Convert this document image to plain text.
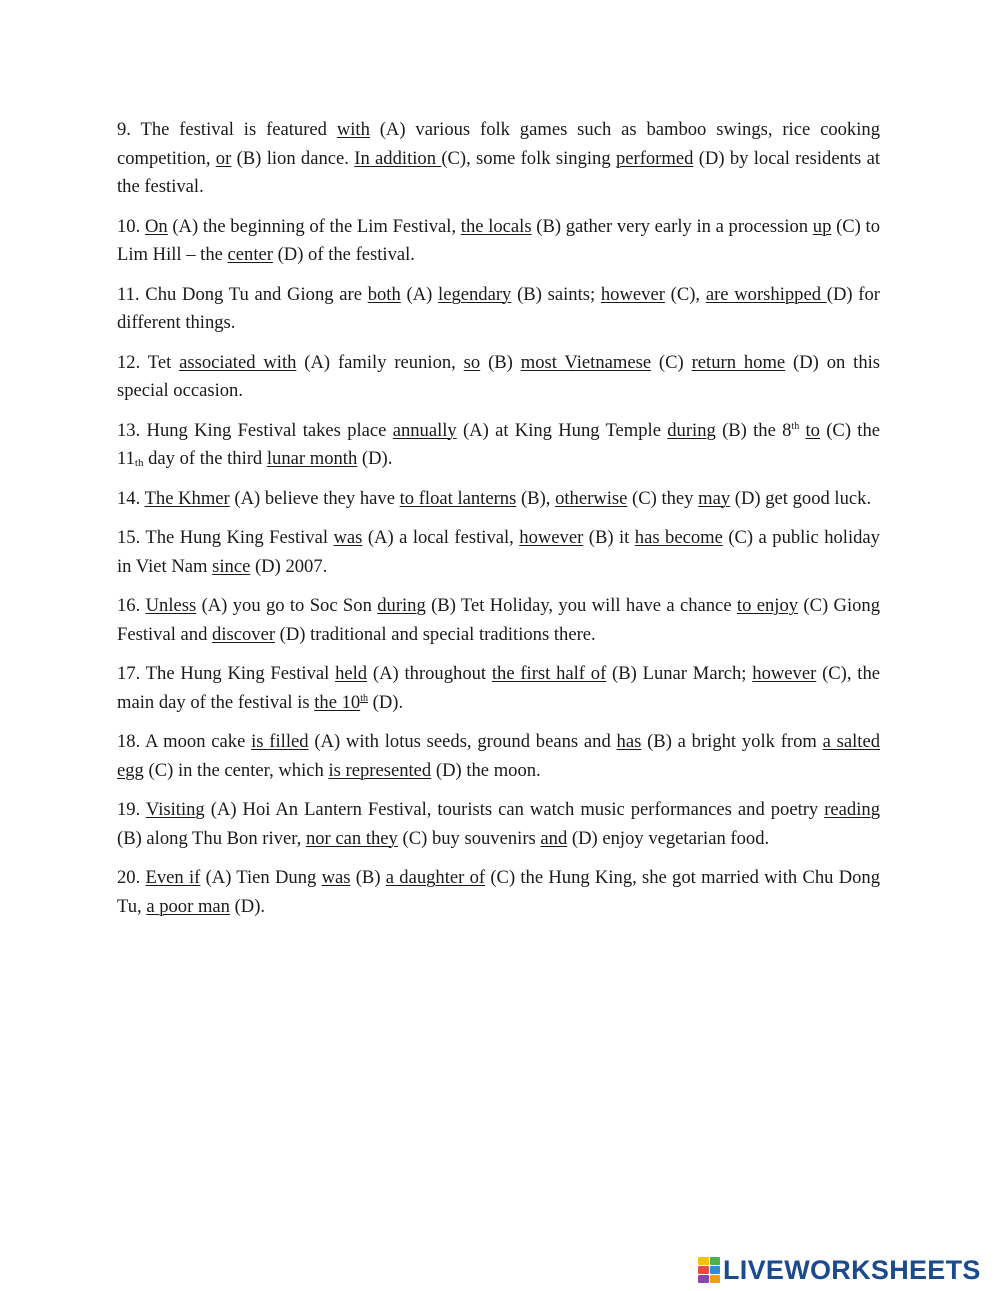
9. The festival is featured with (A) various folk games such as bamboo swings, rice cooking competition, or (B) lion dance. In addition (C), some folk singing performed (D) by local residents at the festival.

10. On (A) the beginning of the Lim Festival, the locals (B) gather very early in a procession up (C) to Lim Hill – the center (D) of the festival.

11. Chu Dong Tu and Giong are both (A) legendary (B) saints; however (C), are worshipped (D) for different things.

12. Tet associated with (A) family reunion, so (B) most Vietnamese (C) return home (D) on this special occasion.

13. Hung King Festival takes place annually (A) at King Hung Temple during (B) the 8th to (C) the $11_{th}$ day of the third lunar month (D).

14. The Khmer (A) believe they have to float lanterns (B), otherwise (C) they may (D) get good luck.

15. The Hung King Festival was (A) a local festival, however (B) it has become (C) a public holiday in Viet Nam since (D) 2007.

16. Unless (A) you go to Soc Son during (B) Tet Holiday, you will have a chance to enjoy (C) Giong Festival and discover (D) traditional and special traditions there.

17. The Hung King Festival held (A) throughout the first half of (B) Lunar March; however (C), the main day of the festival is the 10th (D).

18. A moon cake is filled (A) with lotus seeds, ground beans and has (B) a bright yolk from a salted egg (C) in the center, which is represented (D) the moon.

19. Visiting (A) Hoi An Lantern Festival, tourists can watch music performances and poetry reading (B) along Thu Bon river, nor can they (C) buy souvenirs and (D) enjoy vegetarian food.

20. Even if (A) Tien Dung was (B) a daughter of (C) the Hung King, she got married with Chu Dong Tu, a poor man (D).

LIVEWORKSHEETS
